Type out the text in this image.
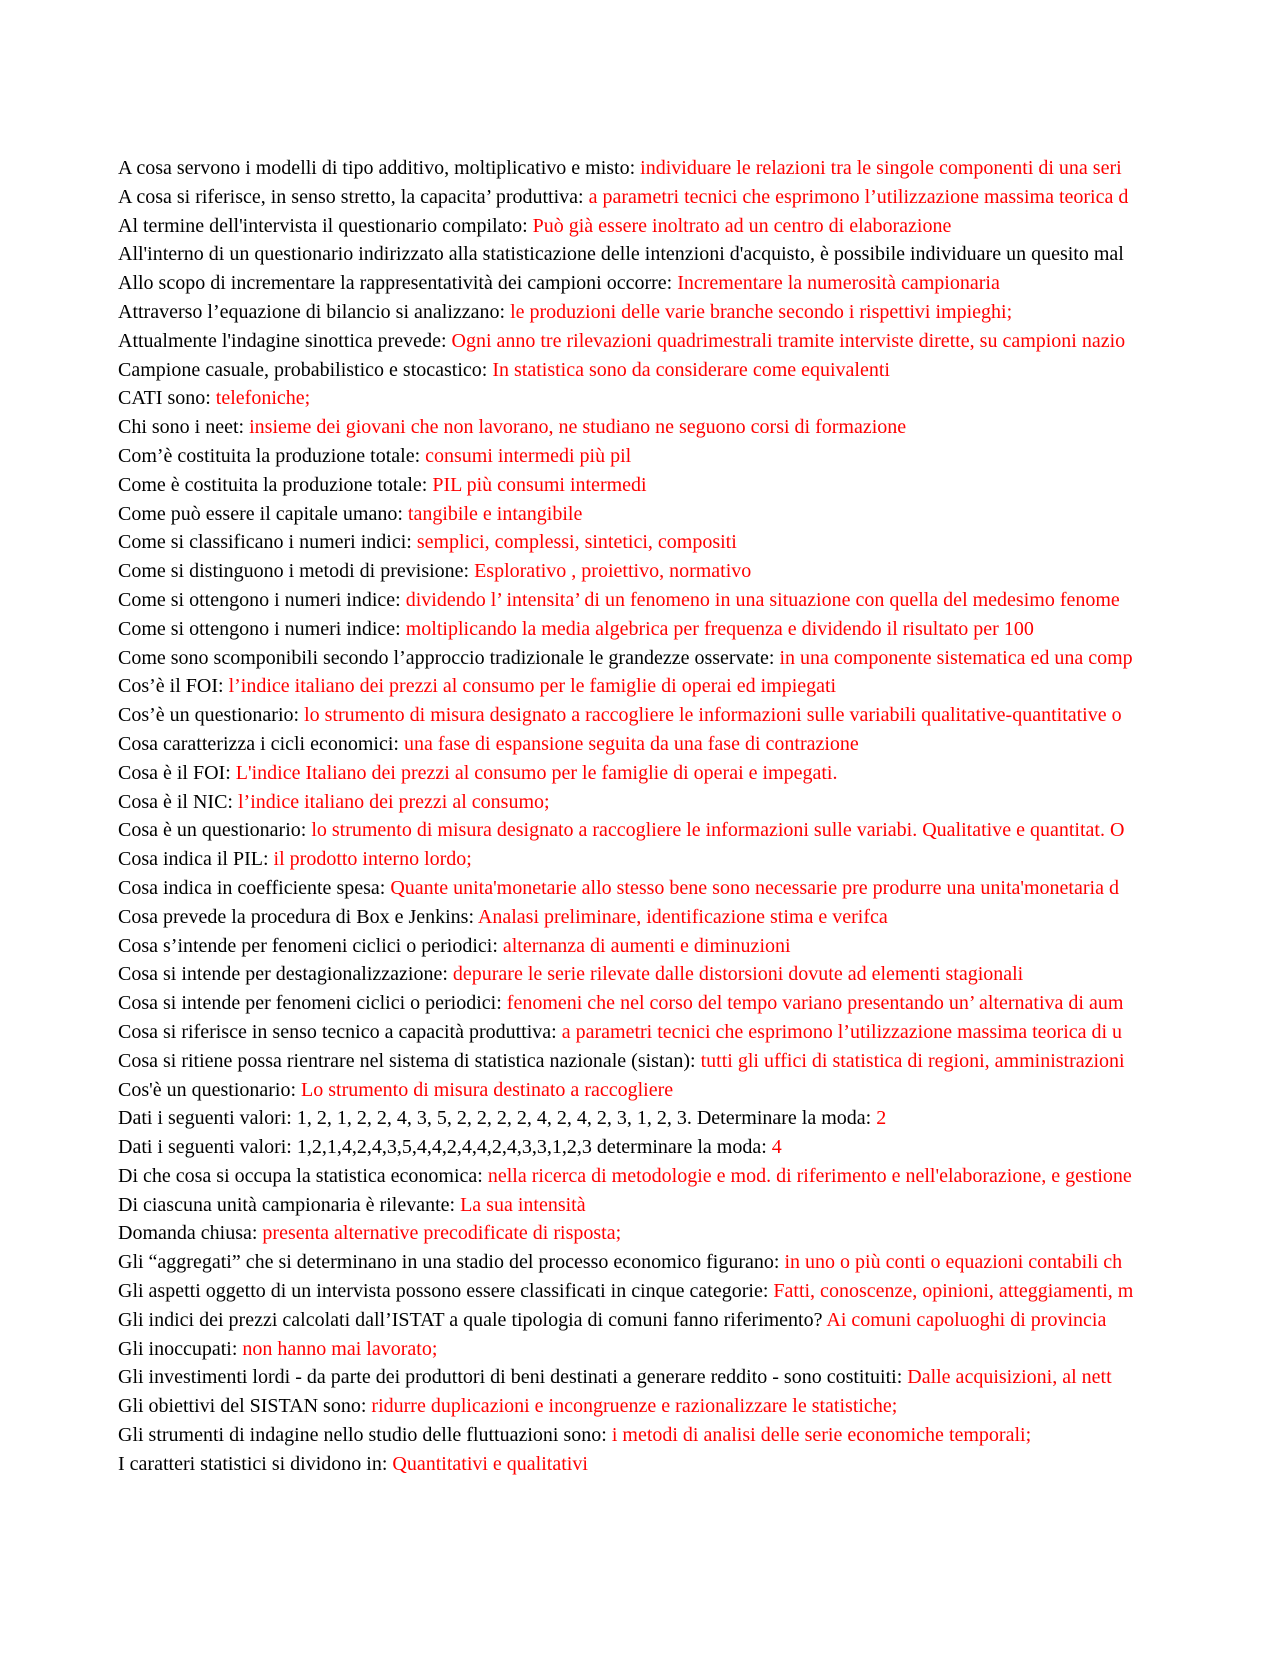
A cosa servono i modelli di tipo additivo, moltiplicativo e misto: individuare le relazioni tra le singole componenti di una seri
A cosa si riferisce, in senso stretto, la capacita’ produttiva: a parametri tecnici che esprimono l’utilizzazione massima teorica d
Al termine dell'intervista il questionario compilato: Può già essere inoltrato ad un centro di elaborazione
All'interno di un questionario indirizzato alla statisticazione delle intenzioni d'acquisto, è possibile individuare un quesito mal
Allo scopo di incrementare la rappresentatività dei campioni occorre: Incrementare la numerosità campionaria
Attraverso l’equazione di bilancio si analizzano: le produzioni delle varie branche secondo i rispettivi impieghi;
Attualmente l'indagine sinottica prevede: Ogni anno tre rilevazioni quadrimestrali tramite interviste dirette, su campioni nazio
Campione casuale, probabilistico e stocastico: In statistica sono da considerare come equivalenti
CATI sono: telefoniche;
Chi sono i neet: insieme dei giovani che non lavorano, ne studiano ne seguono corsi di formazione
Com’è costituita la produzione totale: consumi intermedi più pil
Come è costituita la produzione totale: PIL più consumi intermedi
Come può essere il capitale umano: tangibile e intangibile
Come si classificano i numeri indici: semplici, complessi, sintetici, compositi
Come si distinguono i metodi di previsione: Esplorativo , proiettivo, normativo
Come si ottengono i numeri indice: dividendo l’ intensita’ di un fenomeno in una situazione con quella del medesimo fenome
Come si ottengono i numeri indice: moltiplicando la media algebrica per frequenza e dividendo il risultato per 100
Come sono scomponibili secondo l’approccio tradizionale le grandezze osservate: in una componente sistematica ed una comp
Cos’è il FOI: l’indice italiano dei prezzi al consumo per le famiglie di operai ed impiegati
Cos’è un questionario: lo strumento di misura designato a raccogliere le informazioni sulle variabili qualitative-quantitative o
Cosa caratterizza i cicli economici: una fase di espansione seguita da una fase di contrazione
Cosa è il FOI: L'indice Italiano dei prezzi al consumo per le famiglie di operai e impegati.
Cosa è il NIC: l’indice italiano dei prezzi al consumo;
Cosa è un questionario: lo strumento di misura designato a raccogliere le informazioni sulle variabi. Qualitative e quantitat. O
Cosa indica il PIL: il prodotto interno lordo;
Cosa indica in coefficiente spesa: Quante unita'monetarie allo stesso bene sono necessarie pre produrre una unita'monetaria d
Cosa prevede la procedura di Box e Jenkins: Analasi preliminare, identificazione stima e verifca
Cosa s’intende per fenomeni ciclici o periodici: alternanza di aumenti e diminuzioni
Cosa si intende per destagionalizzazione: depurare le serie rilevate dalle distorsioni dovute ad elementi stagionali
Cosa si intende per fenomeni ciclici o periodici: fenomeni che nel corso del tempo variano presentando un’ alternativa di aum
Cosa si riferisce in senso tecnico a capacità produttiva: a parametri tecnici che esprimono l’utilizzazione massima teorica di u
Cosa si ritiene possa rientrare nel sistema di statistica nazionale (sistan): tutti gli uffici di statistica di regioni, amministrazioni
Cos'è un questionario: Lo strumento di misura destinato a raccogliere
Dati i seguenti valori: 1, 2, 1, 2, 2, 4, 3, 5, 2, 2, 2, 2, 4, 2, 4, 2, 3, 1, 2, 3. Determinare la moda: 2
Dati i seguenti valori: 1,2,1,4,2,4,3,5,4,4,2,4,4,2,4,3,3,1,2,3 determinare la moda: 4
Di che cosa si occupa la statistica economica: nella ricerca di metodologie e mod. di riferimento e nell'elaborazione, e gestione
Di ciascuna unità campionaria è rilevante: La sua intensità
Domanda chiusa: presenta alternative precodificate di risposta;
Gli “aggregati” che si determinano in una stadio del processo economico figurano: in uno o più conti o equazioni contabili ch
Gli aspetti oggetto di un intervista possono essere classificati in cinque categorie: Fatti, conoscenze, opinioni, atteggiamenti, m
Gli indici dei prezzi calcolati dall’ISTAT a quale tipologia di comuni fanno riferimento? Ai comuni capoluoghi di provincia
Gli inoccupati: non hanno mai lavorato;
Gli investimenti lordi - da parte dei produttori di beni destinati a generare reddito - sono costituiti: Dalle acquisizioni, al nett
Gli obiettivi del SISTAN sono: ridurre duplicazioni e incongruenze e razionalizzare le statistiche;
Gli strumenti di indagine nello studio delle fluttuazioni sono: i metodi di analisi delle serie economiche temporali;
I caratteri statistici si dividono in: Quantitativi e qualitativi
